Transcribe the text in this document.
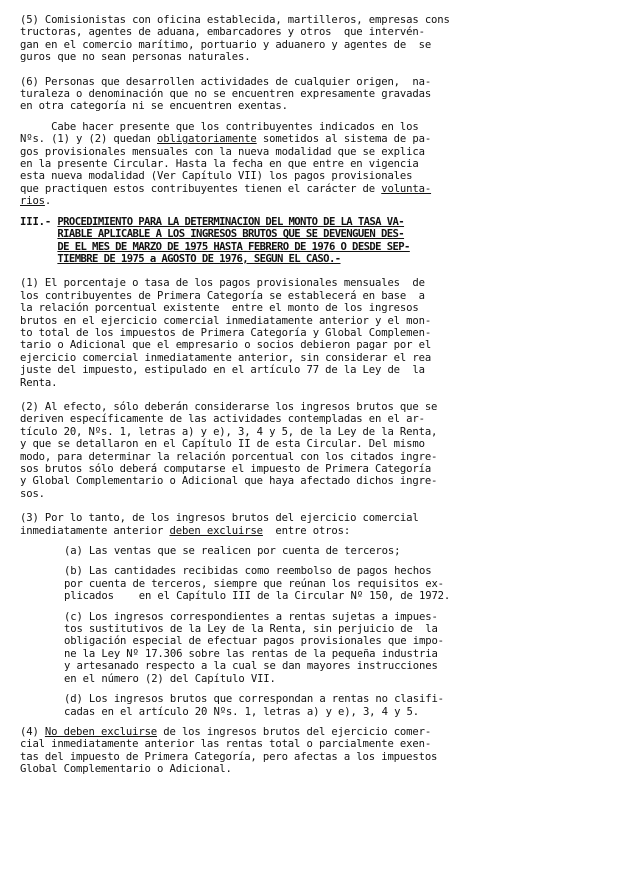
(5) Comisionistas con oficina establecida, martilleros, empresas cons

tructoras, agentes de aduana, embarcadores y otros  que intervén-

gan en el comercio marítimo, portuario y aduanero y agentes de  se

guros que no sean personas naturales.

(6) Personas que desarrollen actividades de cualquier origen,  na-

turaleza o denominación que no se encuentren expresamente gravadas

en otra categoría ni se encuentren exentas.

Cabe hacer presente que los contribuyentes indicados en los

Nºs. (1) y (2) quedan obligatoriamente sometidos al sistema de pa-

gos provisionales mensuales con la nueva modalidad que se explica

en la presente Circular. Hasta la fecha en que entre en vigencia

esta nueva modalidad (Ver Capítulo VII) los pagos provisionales

que practiquen estos contribuyentes tienen el carácter de volunta-

rios.

III.- PROCEDIMIENTO PARA LA DETERMINACION DEL MONTO DE LA TASA VA-
RIABLE APLICABLE A LOS INGRESOS BRUTOS QUE SE DEVENGUEN DES-
DE EL MES DE MARZO DE 1975 HASTA FEBRERO DE 1976 O DESDE SEP-
TIEMBRE DE 1975 a AGOSTO DE 1976, SEGUN EL CASO.-

(1) El porcentaje o tasa de los pagos provisionales mensuales  de

los contribuyentes de Primera Categoría se establecerá en base  a

la relación porcentual existente  entre el monto de los ingresos

brutos en el ejercicio comercial inmediatamente anterior y el mon-

to total de los impuestos de Primera Categoría y Global Complemen-

tario o Adicional que el empresario o socios debieron pagar por el

ejercicio comercial inmediatamente anterior, sin considerar el rea

juste del impuesto, estipulado en el artículo 77 de la Ley de  la

Renta.

(2) Al efecto, sólo deberán considerarse los ingresos brutos que se

deriven específicamente de las actividades contempladas en el ar-

tículo 20, Nºs. 1, letras a) y e), 3, 4 y 5, de la Ley de la Renta,

y que se detallaron en el Capítulo II de esta Circular. Del mismo

modo, para determinar la relación porcentual con los citados ingre-

sos brutos sólo deberá computarse el impuesto de Primera Categoría

y Global Complementario o Adicional que haya afectado dichos ingre-

sos.

(3) Por lo tanto, de los ingresos brutos del ejercicio comercial

inmediatamente anterior deben excluirse  entre otros:

(a) Las ventas que se realicen por cuenta de terceros;

(b) Las cantidades recibidas como reembolso de pagos hechos

por cuenta de terceros, siempre que reúnan los requisitos ex-

plicados    en el Capítulo III de la Circular Nº 150, de 1972.

(c) Los ingresos correspondientes a rentas sujetas a impues-

tos sustitutivos de la Ley de la Renta, sin perjuicio de  la

obligación especial de efectuar pagos provisionales que impo-

ne la Ley Nº 17.306 sobre las rentas de la pequeña industria

y artesanado respecto a la cual se dan mayores instrucciones

en el número (2) del Capítulo VII.

(d) Los ingresos brutos que correspondan a rentas no clasifi-

cadas en el artículo 20 Nºs. 1, letras a) y e), 3, 4 y 5.

(4) No deben excluirse de los ingresos brutos del ejercicio comer-

cial inmediatamente anterior las rentas total o parcialmente exen-

tas del impuesto de Primera Categoría, pero afectas a los impuestos

Global Complementario o Adicional.
